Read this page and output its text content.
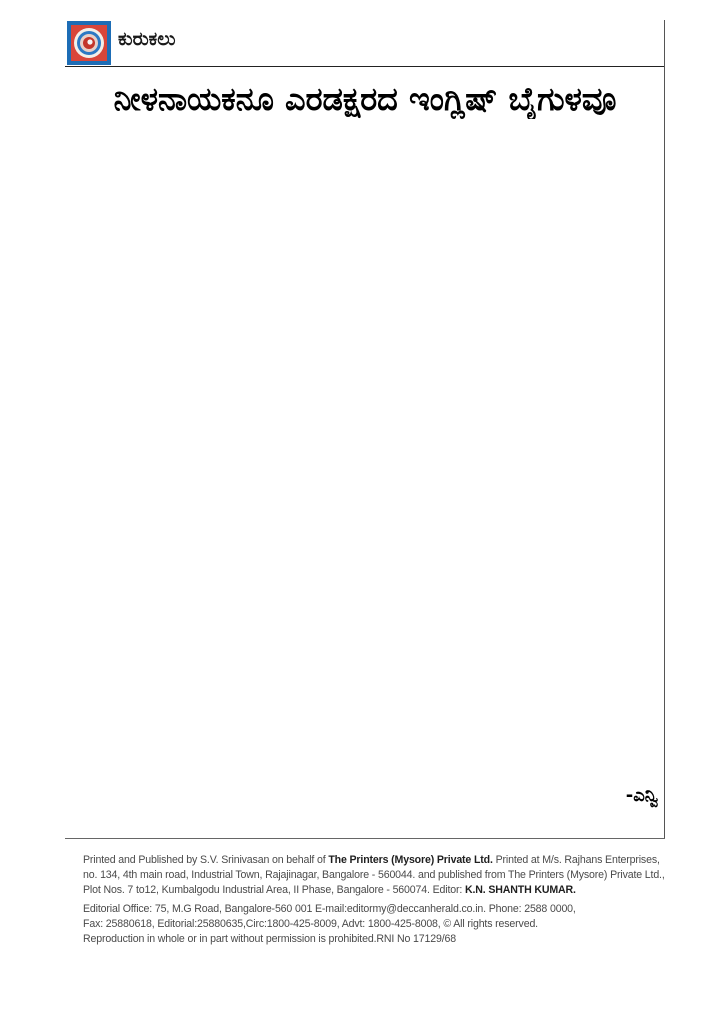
ಕುರುಕಲು
ನೀಳನಾಯಕನೂ ಎರಡಕ್ಷರದ ಇಂಗ್ಲಿಷ್ ಬೈಗುಳವೂ
-ಎನ್ವಿ

Printed and Published by S.V. Srinivasan on behalf of The Printers (Mysore) Private Ltd. Printed at M/s. Rajhans Enterprises,

no. 134, 4th main road, Industrial Town, Rajajinagar, Bangalore - 560044. and published from The Printers (Mysore) Private Ltd.,

Plot Nos. 7 to12, Kumbalgodu Industrial Area, II Phase, Bangalore - 560074. Editor: K.N. SHANTH KUMAR.

Editorial Office: 75, M.G Road, Bangalore-560 001 E-mail:editormy@deccanherald.co.in. Phone: 2588 0000,

Fax: 25880618, Editorial:25880635,Circ:1800-425-8009, Advt: 1800-425-8008, © All rights reserved.

Reproduction in whole or in part without permission is prohibited.RNI No 17129/68
